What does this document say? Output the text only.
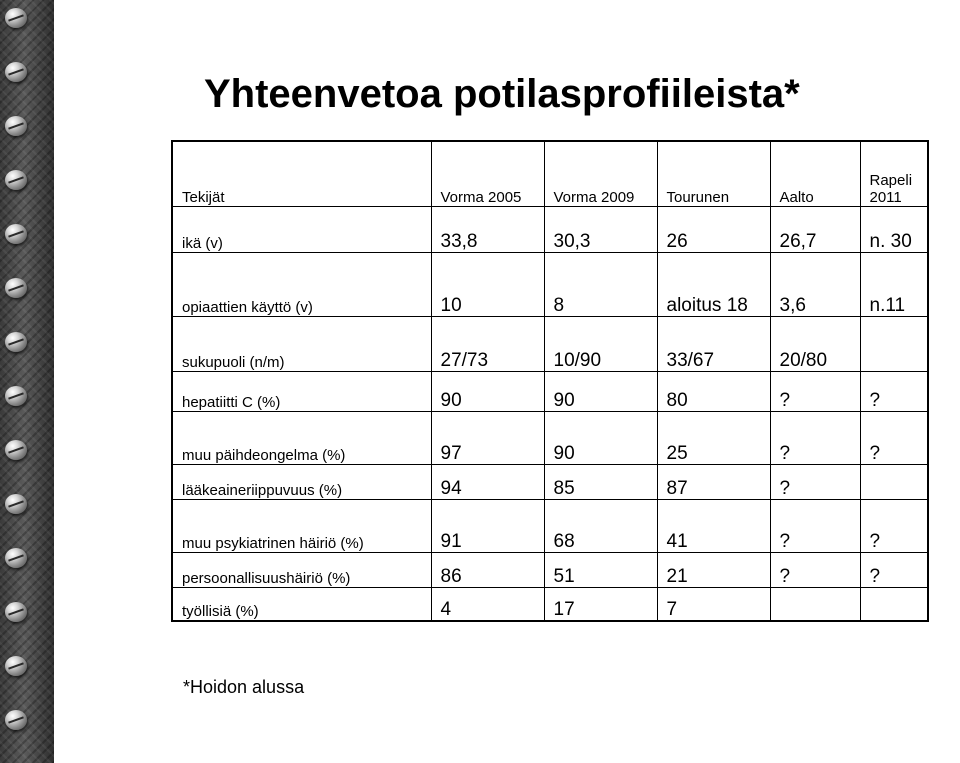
Yhteenvetoa potilasprofiileista*
Tekijät	Vorma 2005	Vorma 2009	Tourunen	Aalto	Rapeli 2011
ikä (v)	33,8	30,3	26	26,7	n. 30
opiaattien käyttö (v)	10	8	aloitus 18	3,6	n.11
sukupuoli (n/m)	27/73	10/90	33/67	20/80	
hepatiitti C (%)	90	90	80	?	?
muu päihdeongelma (%)	97	90	25	?	?
lääkeaineriippuvuus (%)	94	85	87	?	
muu psykiatrinen häiriö (%)	91	68	41	?	?
persoonallisuushäiriö (%)	86	51	21	?	?
työllisiä (%)	4	17	7		
*Hoidon alussa
